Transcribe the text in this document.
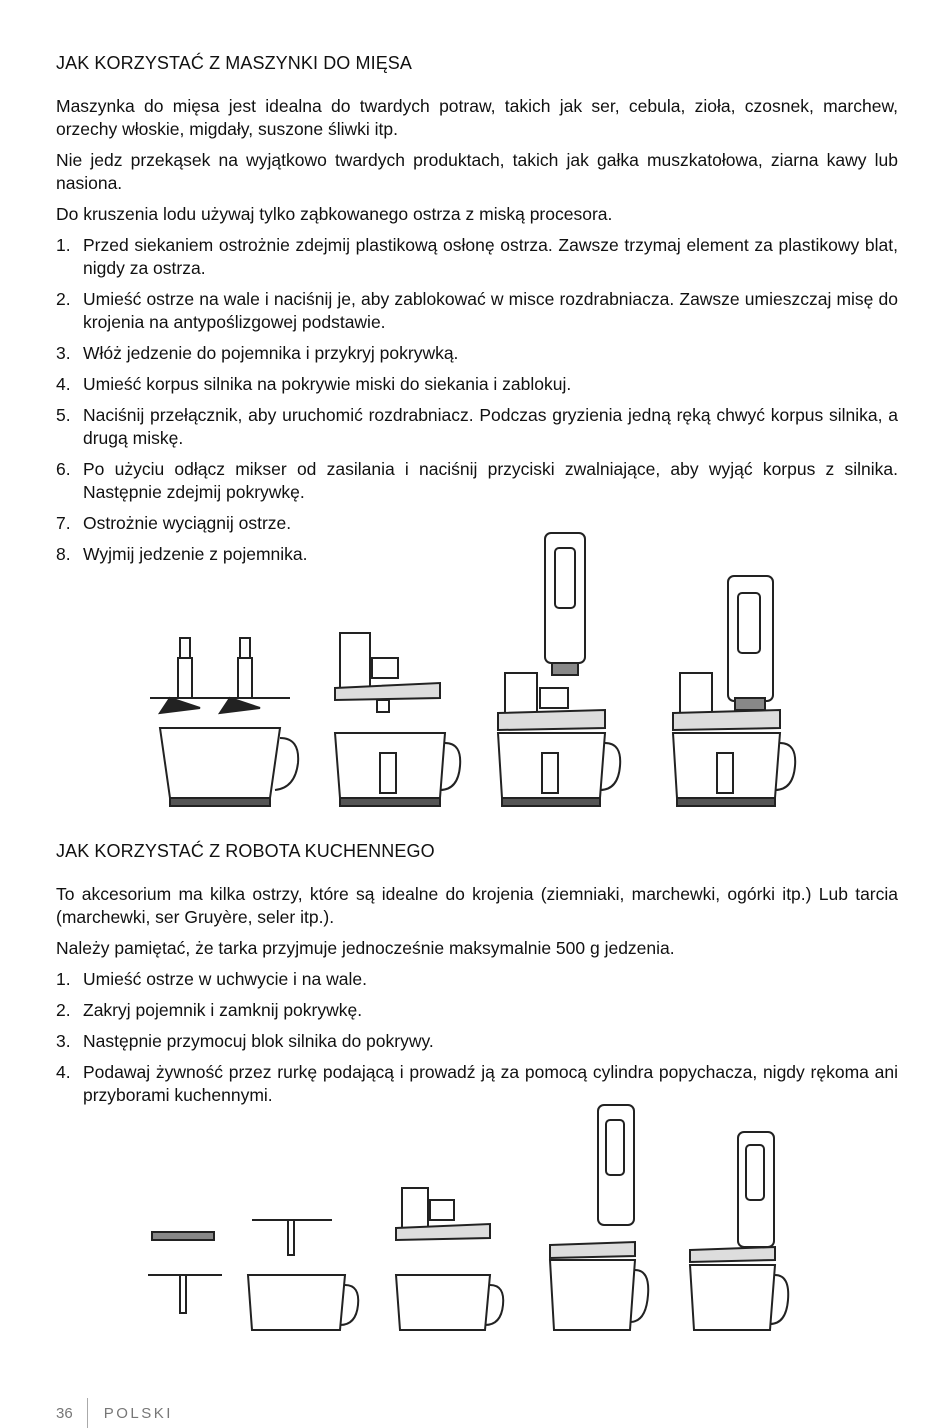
JAK KORZYSTAĆ Z MASZYNKI DO MIĘSA

Maszynka do mięsa jest idealna do twardych potraw, takich jak ser, cebula, zioła, czosnek, marchew, orzechy włoskie, migdały, suszone śliwki itp.

Nie jedz przekąsek na wyjątkowo twardych produktach, takich jak gałka muszkatołowa, ziarna kawy lub nasiona.

Do kruszenia lodu używaj tylko ząbkowanego ostrza z miską procesora.

1. Przed siekaniem ostrożnie zdejmij plastikową osłonę ostrza. Zawsze trzymaj element za plastikowy blat, nigdy za ostrza.
2. Umieść ostrze na wale i naciśnij je, aby zablokować w misce rozdrabniacza. Zawsze umieszczaj misę do krojenia na antypoślizgowej podstawie.
3. Włóż jedzenie do pojemnika i przykryj pokrywką.
4. Umieść korpus silnika na pokrywie miski do siekania i zablokuj.
5. Naciśnij przełącznik, aby uruchomić rozdrabniacz. Podczas gryzienia jedną ręką chwyć korpus silnika, a drugą miskę.
6. Po użyciu odłącz mikser od zasilania i naciśnij przyciski zwalniające, aby wyjąć korpus z silnika. Następnie zdejmij pokrywkę.
7. Ostrożnie wyciągnij ostrze.
8. Wyjmij jedzenie z pojemnika.
JAK KORZYSTAĆ Z ROBOTA KUCHENNEGO

To akcesorium ma kilka ostrzy, które są idealne do krojenia (ziemniaki, marchewki, ogórki itp.) Lub tarcia (marchewki, ser Gruyère, seler itp.).

Należy pamiętać, że tarka przyjmuje jednocześnie maksymalnie 500 g jedzenia.

1. Umieść ostrze w uchwycie i na wale.
2. Zakryj pojemnik i zamknij pokrywkę.
3. Następnie przymocuj blok silnika do pokrywy.
4. Podawaj żywność przez rurkę podającą i prowadź ją za pomocą cylindra popychacza, nigdy rękoma ani przyborami kuchennymi.
36 POLSKI
